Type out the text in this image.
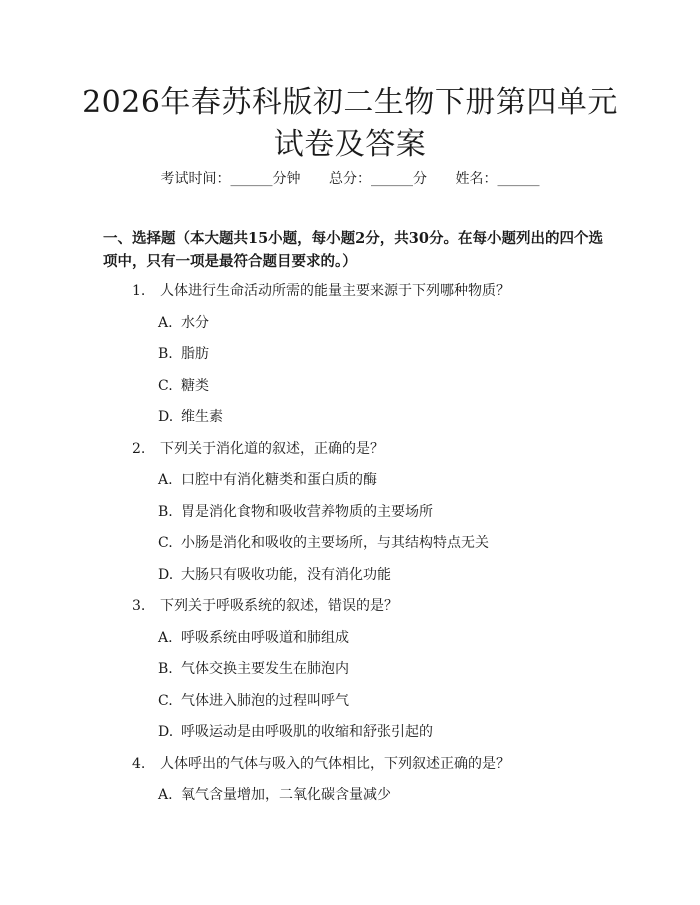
2026年春苏科版初二生物下册第四单元试卷及答案
考试时间：______分钟 总分：______分 姓名：______

一、选择题（本大题共15小题，每小题2分，共30分。在每小题列出的四个选项中，只有一项是最符合题目要求的。）

1. 人体进行生命活动所需的能量主要来源于下列哪种物质？
A. 水分
B. 脂肪
C. 糖类
D. 维生素
2. 下列关于消化道的叙述，正确的是？
A. 口腔中有消化糖类和蛋白质的酶
B. 胃是消化食物和吸收营养物质的主要场所
C. 小肠是消化和吸收的主要场所，与其结构特点无关
D. 大肠只有吸收功能，没有消化功能
3. 下列关于呼吸系统的叙述，错误的是？
A. 呼吸系统由呼吸道和肺组成
B. 气体交换主要发生在肺泡内
C. 气体进入肺泡的过程叫呼气
D. 呼吸运动是由呼吸肌的收缩和舒张引起的
4. 人体呼出的气体与吸入的气体相比，下列叙述正确的是？
A. 氧气含量增加，二氧化碳含量减少
